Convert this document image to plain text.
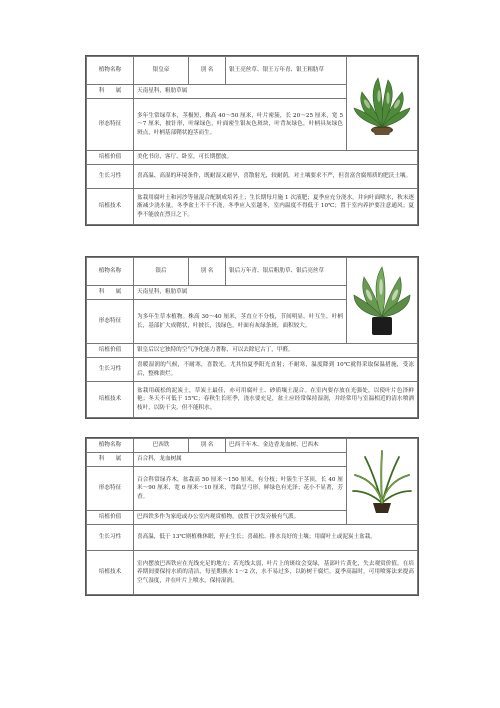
植物名称	银皇帝	别 名	银王亮丝草、银王万年青、银王粗肋草	

科　　属	天南星科，粗肋草属			
形态特征	多年生常绿草本，茎极短，株高 40～50 厘米，叶片密簇，长 20～25 厘米，宽 5～7 厘米，披针形，叶缘绿色，叶面密生银灰色斑块，叶背灰绿色，叶柄具灰绿色斑点，叶柄基部鞘状抱茎而生。			
培植价值	美化书房、客厅、卧室，可长期摆放。			
生长习性	喜高温、高湿的环境条件，既耐湿又耐旱，喜散射光，较耐荫，对土壤要求不严，但喜富含腐殖质的肥沃土壤。			
培植技术	盆栽用腐叶土和河沙等量混合配制成培养土；生长期每月施 1 次液肥；夏季应充分浇水，并向叶面喷水，秋末逐渐减少浇水量，冬季盆土不干不浇，冬季应入室越冬，室内温度不得低于 10℃；置于室内养护要注意通风；夏季不能放在烈日之下。			
植物名称	银后	别 名	银后万年青、银后粗肋草、银后亮丝草	

科　　属	天南星科，粗肋草属			
形态特征	为多年生草本植物。株高 30～40 厘米，茎直立不分枝，节间明显。叶互生，叶柄长，基部扩大成鞘状，叶披长，浅绿色，叶面有灰绿条斑，面积较大。			
培植价值	银皇后以它独特的空气净化能力著称，可以去除尼古丁，甲醛。			
生长习性	喜暖湿润的气候，不耐寒，喜散光，尤其怕夏季阳光直射；不耐寒，温度降到 10℃就得采取保温措施，受冻后，整株溃烂。			
培植技术	盆栽用疏松的泥炭土，草炭土最佳，亦可用腐叶土、砂质壤土混合。在室内要存放在光强处，以使叶片色泽鲜艳；冬天不可低于 15℃；春秋生长旺季，浇水要充足，盆土应经常保持湿润，并经常用与室温相近的清水喷洒枝叶，以防干尖，但不能积水。			
植物名称	巴西铁	别 名	巴西千年木、金边香龙血树、巴西木	

科　　属	百合科，龙血树属			
形态特征	百合科常绿乔木，盆栽高 50 厘米～150 厘米，有分枝；叶簇生于茎顶，长 40 厘米～90 厘米，宽 6 厘米～10 厘米，弯曲呈弓形，鲜绿色有光泽；花小不显著，芳香。			
培植价值	巴西铁多作为家庭或办公室内观赏植物，放置于沙发旁极有气派。			
生长习性	喜高温，低于 13℃则植株休眠，停止生长；喜疏松、排水良好的土壤；用腐叶土或泥炭土盆栽。			
培植技术	室内摆放巴西铁应在光线充足的地方；若光线太弱，叶片上的斑纹会变绿，基部叶片黄化，失去观赏价值。在培养期间要保持水质的清洁，每星期换水 1～2 次，水不易过多，以防树干腐烂。夏季高温时，可用喷雾法来提高空气湿度，并在叶片上喷水，保持湿润。			
